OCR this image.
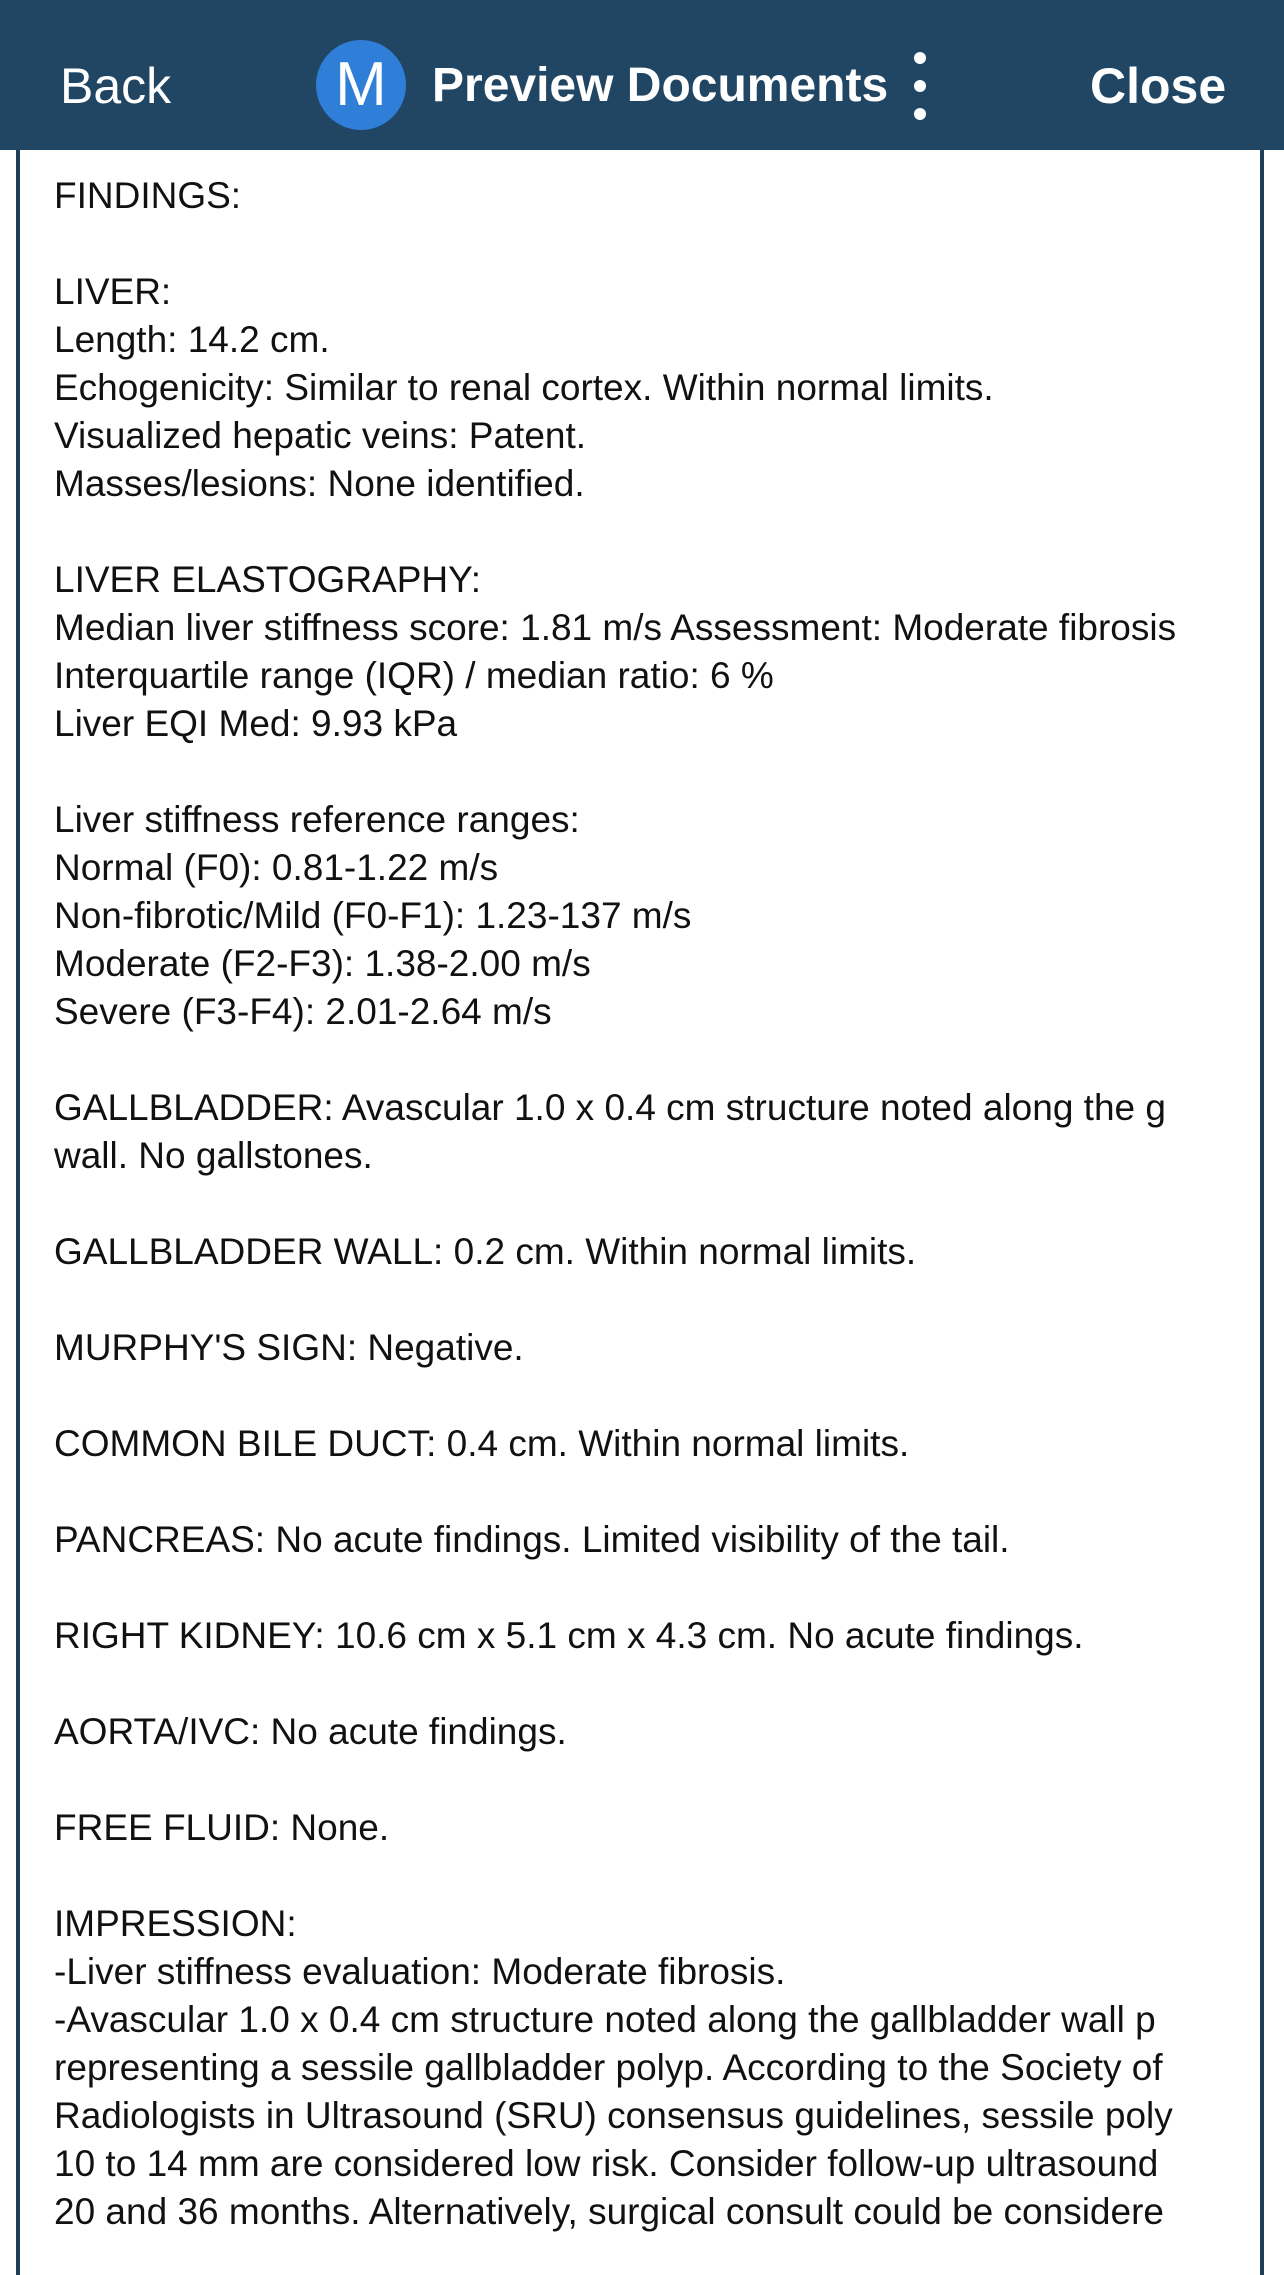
Back	M Preview Documents	Close
FINDINGS:
LIVER:
Length: 14.2 cm.
Echogenicity: Similar to renal cortex. Within normal limits.
Visualized hepatic veins: Patent.
Masses/lesions: None identified.
LIVER ELASTOGRAPHY:
Median liver stiffness score: 1.81 m/s Assessment: Moderate fibrosis
Interquartile range (IQR) / median ratio: 6 %
Liver EQI Med: 9.93 kPa
Liver stiffness reference ranges:
Normal (F0): 0.81-1.22 m/s
Non-fibrotic/Mild (F0-F1): 1.23-137 m/s
Moderate (F2-F3): 1.38-2.00 m/s
Severe (F3-F4): 2.01-2.64 m/s
GALLBLADDER: Avascular 1.0 x 0.4 cm structure noted along the g
wall. No gallstones.
GALLBLADDER WALL: 0.2 cm. Within normal limits.
MURPHY'S SIGN: Negative.
COMMON BILE DUCT: 0.4 cm. Within normal limits.
PANCREAS: No acute findings. Limited visibility of the tail.
RIGHT KIDNEY: 10.6 cm x 5.1 cm x 4.3 cm. No acute findings.
AORTA/IVC: No acute findings.
FREE FLUID: None.
IMPRESSION:
-Liver stiffness evaluation: Moderate fibrosis.
-Avascular 1.0 x 0.4 cm structure noted along the gallbladder wall p
representing a sessile gallbladder polyp. According to the Society of
Radiologists in Ultrasound (SRU) consensus guidelines, sessile poly
10 to 14 mm are considered low risk. Consider follow-up ultrasound
20 and 36 months. Alternatively, surgical consult could be considere
